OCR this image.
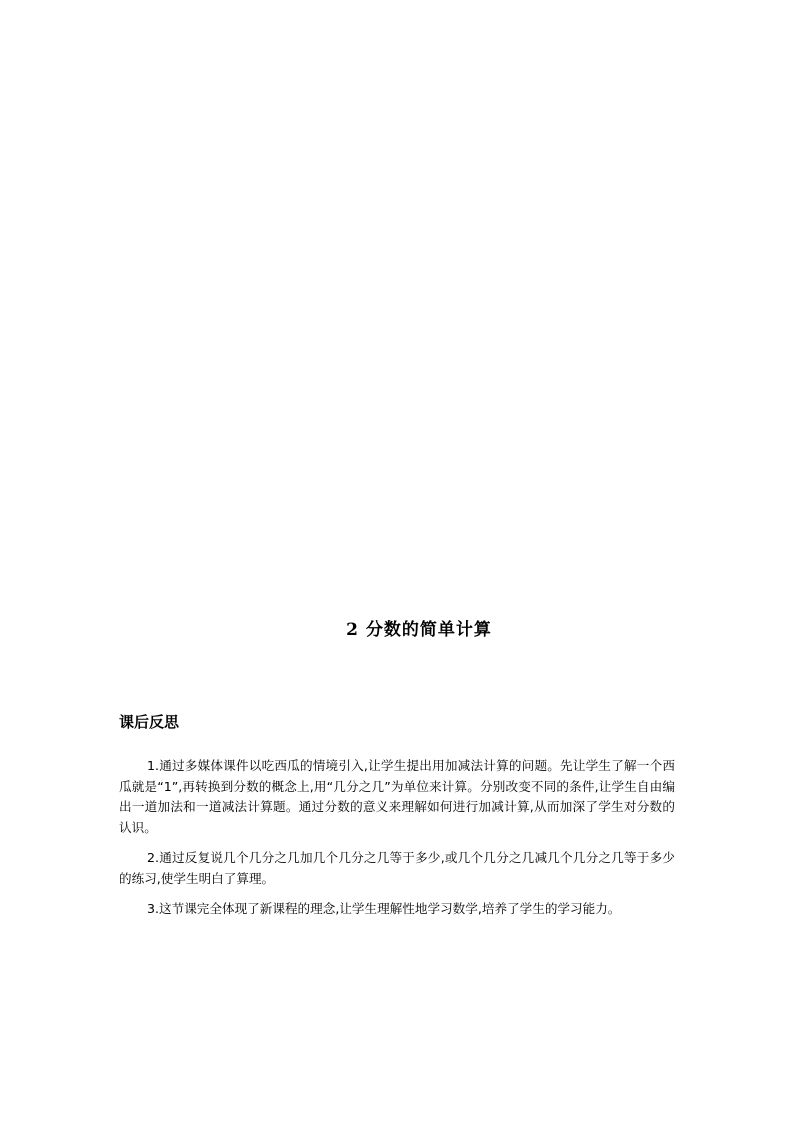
2 分数的简单计算
课后反思

1.通过多媒体课件以吃西瓜的情境引入,让学生提出用加减法计算的问题。先让学生了解一个西瓜就是“1”,再转换到分数的概念上,用“几分之几”为单位来计算。分别改变不同的条件,让学生自由编出一道加法和一道减法计算题。通过分数的意义来理解如何进行加减计算,从而加深了学生对分数的认识。

2.通过反复说几个几分之几加几个几分之几等于多少,或几个几分之几减几个几分之几等于多少的练习,使学生明白了算理。

3.这节课完全体现了新课程的理念,让学生理解性地学习数学,培养了学生的学习能力。
